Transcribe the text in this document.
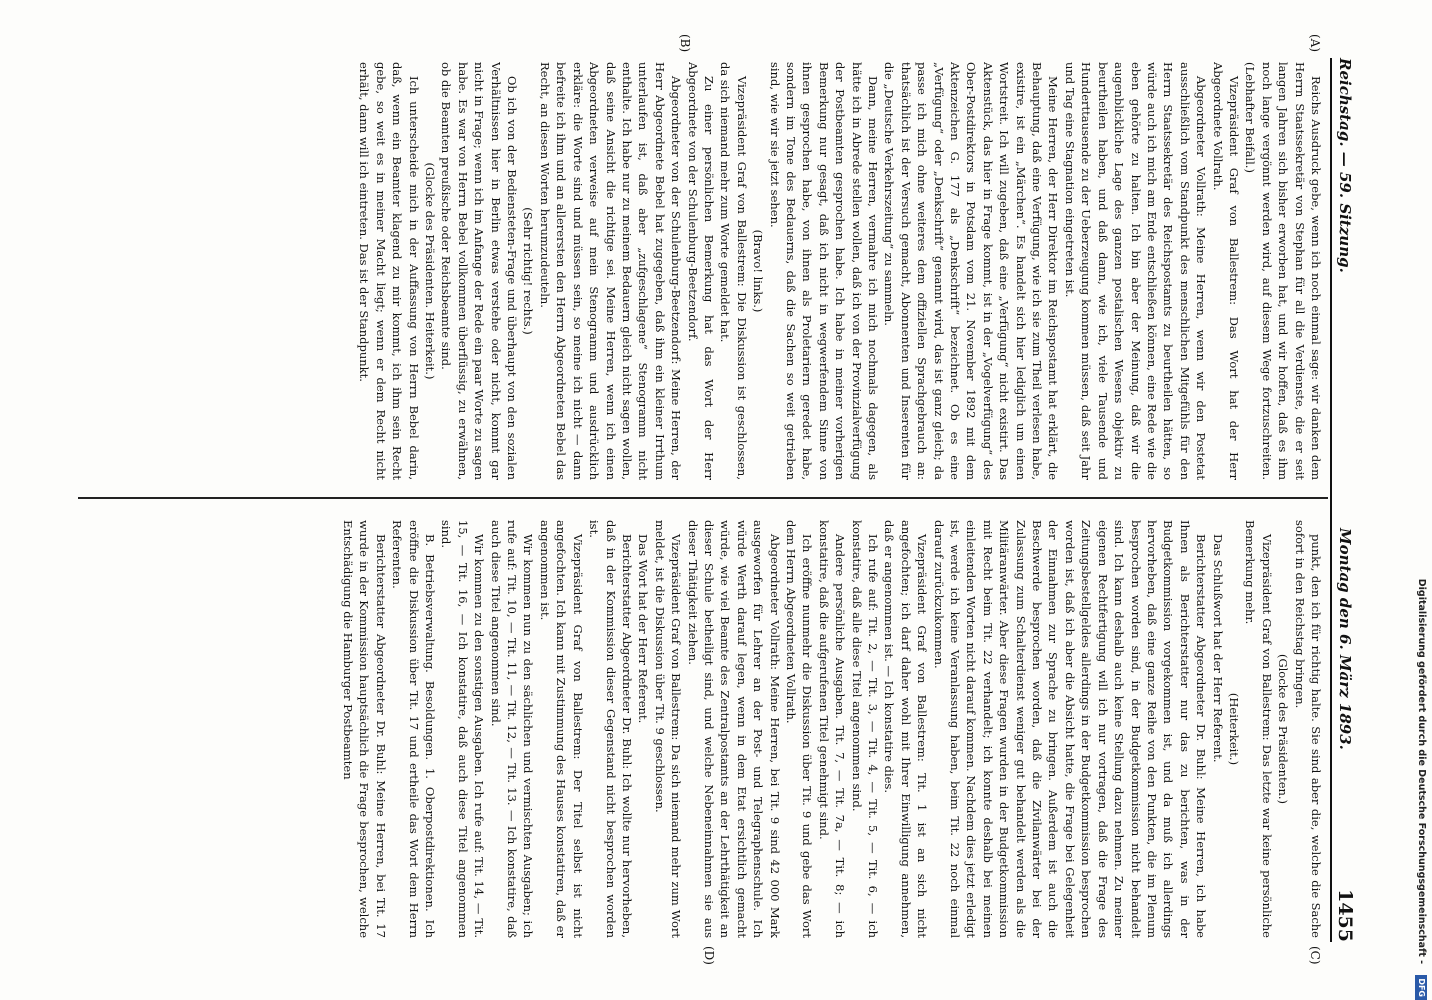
Reichstag. — 59. Sitzung.
Montag den 6. März 1893.
1455
(A)
(B)
(C)
(D)

Reichs Ausdruck gebe, wenn ich noch einmal sage: wir danken dem Herrn Staatssekretär von Stephan für all die Verdienste, die er seit langen Jahren sich bisher erworben hat, und wir hoffen, daß es ihm noch lange vergönnt werden wird, auf diesem Wege fortzuschreiten. (Lebhafter Beifall.)

Vizepräsident Graf von Ballestrem: Das Wort hat der Herr Abgeordnete Vollrath.

Abgeordneter Vollrath: Meine Herren, wenn wir den Postetat ausschließlich vom Standpunkt des menschlichen Mitgefühls für den Herrn Staatssekretär des Reichspostamts zu beurtheilen hätten, so würde auch ich mich am Ende entschließen können, eine Rede wie die eben gehörte zu halten. Ich bin aber der Meinung, daß wir die augenblickliche Lage des ganzen postalischen Wesens objektiv zu beurtheilen haben, und daß dann, wie ich, viele Tausende und Hunderttausende zu der Ueberzeugung kommen müssen, daß seit Jahr und Tag eine Stagnation eingetreten ist.

Meine Herren, der Herr Direktor im Reichspostamt hat erklärt, die Behauptung, daß eine Verfügung, wie ich sie zum Theil verlesen habe, existire, ist ein „Märchen“. Es handelt sich hier lediglich um einen Wortstreit. Ich will zugeben, daß eine „Verfügung“ nicht existirt. Das Aktenstück, das hier in Frage kommt, ist in der „Vogelverfügung“ des Ober-Postdirektors in Potsdam vom 21. November 1892 mit dem Aktenzeichen G. 177 als „Denkschrift“ bezeichnet. Ob es eine „Verfügung“ oder „Denkschrift“ genannt wird, das ist ganz gleich; da passe ich mich ohne weiteres dem offiziellen Sprachgebrauch an: thatsächlich ist der Versuch gemacht, Abonnenten und Inserenten für die „Deutsche Verkehrszeitung“ zu sammeln.

Dann, meine Herren, vermahre ich mich nochmals dagegen, als hätte ich in Abrede stellen wollen, daß ich von der Provinzialverfügung der Postbeamten gesprochen habe. Ich habe in meiner vorherigen Bemerkung nur gesagt, daß ich nicht in wegwerfendem Sinne von ihnen gesprochen habe, von ihnen als Proletariern geredet habe, sondern im Tone des Bedauerns, daß die Sachen so weit getrieben sind, wie wir sie jetzt sehen.

(Bravo! links.)

Vizepräsident Graf von Ballestrem: Die Diskussion ist geschlossen, da sich niemand mehr zum Worte gemeldet hat.

Zu einer persönlichen Bemerkung hat das Wort der Herr Abgeordnete von der Schulenburg-Beetzendorf.

Abgeordneter von der Schulenburg-Beetzendorf: Meine Herren, der Herr Abgeordnete Bebel hat zugegeben, daß ihm ein kleiner Irrthum unterlaufen ist, daß aber „zufgeschlagene“ Stenogramm nicht enthalte. Ich habe nur zu meinem Bedauern gleich nicht sagen wollen, daß seine Ansicht die richtige sei. Meine Herren, wenn ich einen Abgeordneten verweise auf mein Stenogramm und ausdrücklich erkläre: die Worte sind und müssen sein, so meine ich nicht — dann befreite ich ihm und an allerersten den Herrn Abgeordneten Bebel das Recht, an diesen Worten herumzudeuteln.

(Sehr richtig! rechts.)

Ob ich von der Bediensteten-Frage und überhaupt von den sozialen Verhältnissen hier in Berlin etwas verstehe oder nicht, kommt gar nicht in Frage; wenn ich im Anfange der Rede ein paar Worte zu sagen habe. Es war von Herrn Bebel vollkommen überflüssig, zu erwähnen, ob die Beamten preußische oder Reichsbeamte sind.

(Glocke des Präsidenten. Heiterkeit.)

Ich unterscheide mich in der Auffassung von Herrn Bebel darin, daß, wenn ein Beamter klagend zu mir kommt, ich ihm sein Recht gebe, so weit es in meiner Macht liegt; wenn er dem Recht nicht erhält, dann will ich eintreten. Das ist der Standpunkt.

punkt, den ich für richtig halte. Sie sind aber die, welche die Sache sofort in den Reichstag bringen.

(Glocke des Präsidenten.)

Vizepräsident Graf von Ballestrem: Das letzte war keine persönliche Bemerkung mehr.

(Heiterkeit.)

Das Schlußwort hat der Herr Referent.

Berichterstatter Abgeordneter Dr. Buhl: Meine Herren, ich habe Ihnen als Berichterstatter nur das zu berichten, was in der Budgetkommission vorgekommen ist, und da muß ich allerdings hervorheben, daß eine ganze Reihe von den Punkten, die im Plenum besprochen worden sind, in der Budgetkommission nicht behandelt sind. Ich kann deshalb auch keine Stellung dazu nehmen. Zu meiner eigenen Rechtfertigung will ich nur vortragen, daß die Frage des Zeitungsbestellgeldes allerdings in der Budgetkommission besprochen worden ist, daß ich aber die Absicht hatte, die Frage bei Gelegenheit der Einnahmen zur Sprache zu bringen. Außerdem ist auch die Beschwerde besprochen worden, daß die Zivilanwärter bei der Zulassung zum Schalterdienst weniger gut behandelt werden als die Militäranwärter. Aber diese Fragen wurden in der Budgetkommission mit Recht beim Tit. 22 verhandelt; ich konnte deshalb bei meinen einleitenden Worten nicht darauf kommen. Nachdem dies jetzt erledigt ist, werde ich keine Veranlassung haben, beim Tit. 22 noch einmal darauf zurückzukommen.

Vizepräsident Graf von Ballestrem: Tit. 1 ist an sich nicht angefochten; ich darf daher wohl mit Ihrer Einwilligung annehmen, daß er angenommen ist. — Ich konstatire dies.

Ich rufe auf: Tit. 2, — Tit. 3, — Tit. 4, — Tit. 5, — Tit. 6, — ich konstatire, daß alle diese Titel angenommen sind.

Andere persönliche Ausgaben. Tit. 7, — Tit. 7a, — Tit. 8; — ich konstatire, daß die aufgerufenen Titel genehmigt sind.

Ich eröffne nunmehr die Diskussion über Tit. 9 und gebe das Wort dem Herrn Abgeordneten Vollrath.

Abgeordneter Vollrath: Meine Herren, bei Tit. 9 sind 42 000 Mark ausgeworfen für Lehrer an der Post- und Telegraphenschule. Ich würde Werth darauf legen, wenn in dem Etat ersichtlich gemacht würde, wie viel Beamte des Zentralpostamts an der Lehrthätigkeit an dieser Schule betheiligt sind, und welche Nebeneinnahmen sie aus dieser Thätigkeit ziehen.

Vizepräsident Graf von Ballestrem: Da sich niemand mehr zum Wort meldet, ist die Diskussion über Tit. 9 geschlossen.

Das Wort hat der Herr Referent.

Berichterstatter Abgeordneter Dr. Buhl: Ich wollte nur hervorheben, daß in der Kommission dieser Gegenstand nicht besprochen worden ist.

Vizepräsident Graf von Ballestrem: Der Titel selbst ist nicht angefochten. Ich kann mit Zustimmung des Hauses konstatiren, daß er angenommen ist.

Wir kommen nun zu den sächlichen und vermischten Ausgaben; ich rufe auf: Tit. 10, — Tit. 11, — Tit. 12, — Tit. 13. — Ich konstatire, daß auch diese Titel angenommen sind.

Wir kommen zu den sonstigen Ausgaben. Ich rufe auf: Tit. 14, — Tit. 15, — Tit. 16, — Ich konstatire, daß auch diese Titel angenommen sind.

B. Betriebsverwaltung. Besoldungen. 1. Oberpostdirektionen. Ich eröffne die Diskussion über Tit. 17 und ertheile das Wort dem Herrn Referenten.

Berichterstatter Abgeordneter Dr. Buhl: Meine Herren, bei Tit. 17 wurde in der Kommission hauptsächlich die Frage besprochen, welche Entschädigung die Hamburger Postbeamten	Digitalisierung gefördert durch die Deutsche Forschungsgemeinschaft - DFG
